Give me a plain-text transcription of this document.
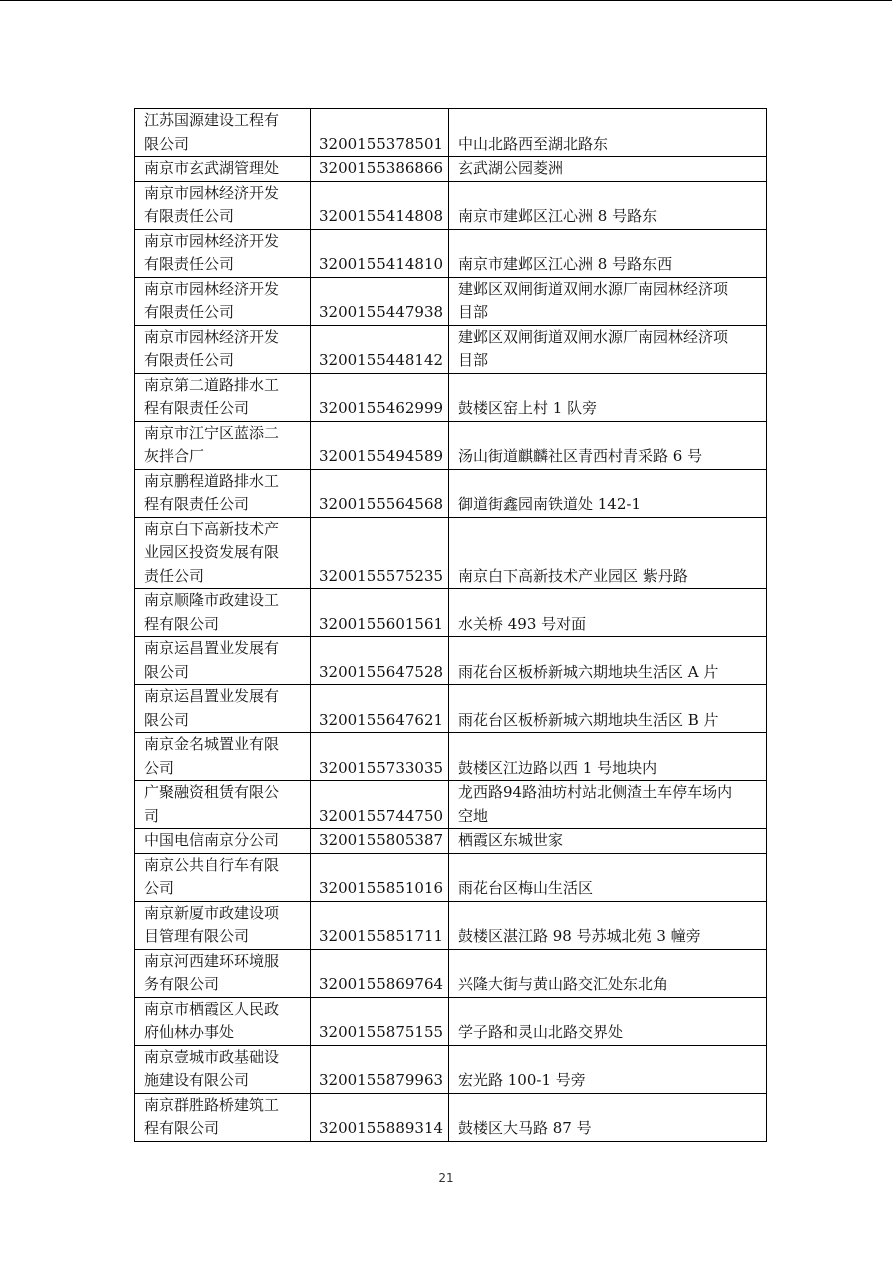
江苏国源建设工程有
限公司	3200155378501	中山北路西至湖北路东

南京市玄武湖管理处	3200155386866	玄武湖公园菱洲

南京市园林经济开发
有限责任公司	3200155414808	南京市建邺区江心洲 8 号路东

南京市园林经济开发
有限责任公司	3200155414810	南京市建邺区江心洲 8 号路东西

南京市园林经济开发
有限责任公司	3200155447938	建邺区双闸街道双闸水源厂南园林经济项
目部

南京市园林经济开发
有限责任公司	3200155448142	建邺区双闸街道双闸水源厂南园林经济项
目部

南京第二道路排水工
程有限责任公司	3200155462999	鼓楼区窑上村 1 队旁

南京市江宁区蓝添二
灰拌合厂	3200155494589	汤山街道麒麟社区青西村青采路 6 号

南京鹏程道路排水工
程有限责任公司	3200155564568	御道街鑫园南铁道处 142-1

南京白下高新技术产
业园区投资发展有限
责任公司	3200155575235	南京白下高新技术产业园区 紫丹路

南京顺隆市政建设工
程有限公司	3200155601561	水关桥 493 号对面

南京运昌置业发展有
限公司	3200155647528	雨花台区板桥新城六期地块生活区 A 片

南京运昌置业发展有
限公司	3200155647621	雨花台区板桥新城六期地块生活区 B 片

南京金名城置业有限
公司	3200155733035	鼓楼区江边路以西 1 号地块内

广聚融资租赁有限公
司	3200155744750	龙西路94路油坊村站北侧渣土车停车场内
空地

中国电信南京分公司	3200155805387	栖霞区东城世家

南京公共自行车有限
公司	3200155851016	雨花台区梅山生活区

南京新厦市政建设项
目管理有限公司	3200155851711	鼓楼区湛江路 98 号苏城北苑 3 幢旁

南京河西建环环境服
务有限公司	3200155869764	兴隆大街与黄山路交汇处东北角

南京市栖霞区人民政
府仙林办事处	3200155875155	学子路和灵山北路交界处

南京壹城市政基础设
施建设有限公司	3200155879963	宏光路 100-1 号旁

南京群胜路桥建筑工
程有限公司	3200155889314	鼓楼区大马路 87 号
21
